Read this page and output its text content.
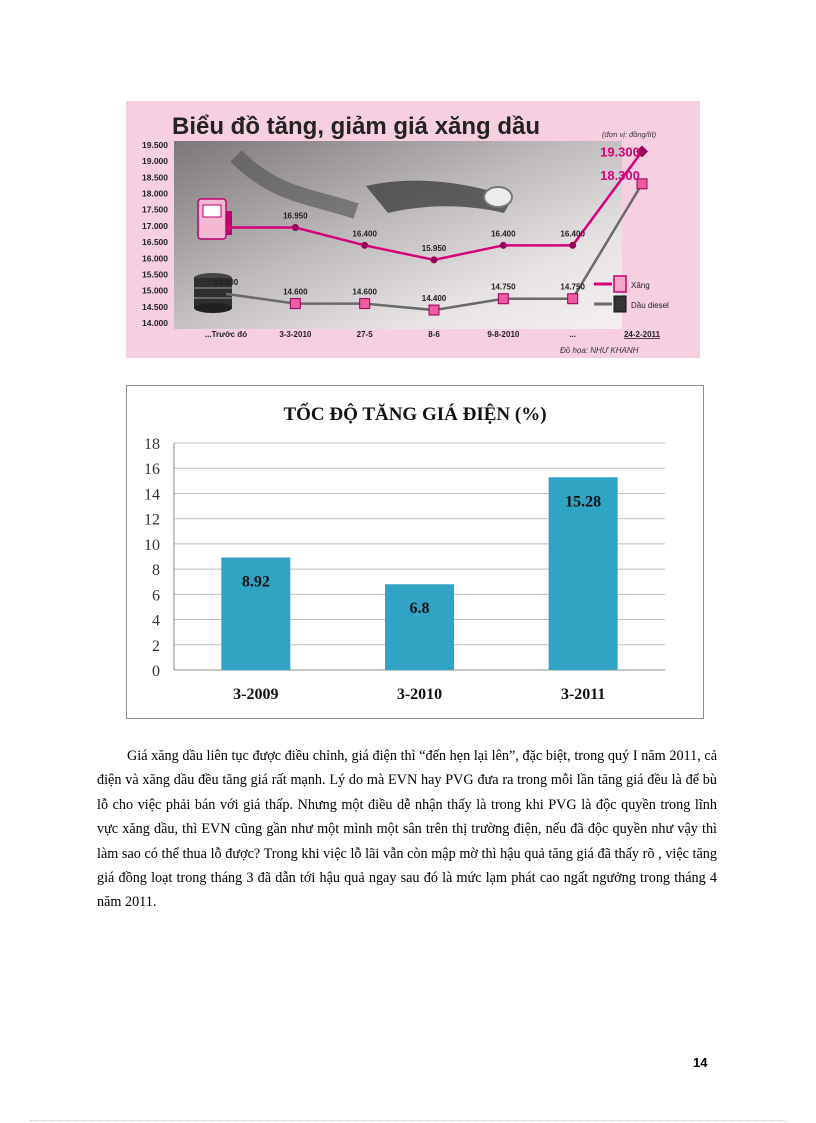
Biểu đồ tăng, giảm giá xăng dầu	(đơn vị: đồng/lít)
19.500
19.000
18.500
18.000
17.500
17.000
16.500
16.000
15.500
15.000
14.500
14.000
...Trước đó	3-3-2010	27-5	8-6	9-8-2010	...	24-2-2011
16.950
16.400
15.950
16.400	16.400
19.300
14.900
14.600	14.600
14.400
14.750	14.750
18.300
Xăng
Dầu diesel
Đồ họa: NHƯ KHANH
TỐC ĐỘ TĂNG GIÁ ĐIỆN (%)
0
2
4
6
8
10
12
14
16
18
8.92
6.8
15.28
3-2009	3-2010	3-2011

Giá xăng dầu liên tục được điều chỉnh, giá điện thì “đến hẹn lại lên”, đặc biệt, trong quý I năm 2011, cả điện và xăng dầu đều tăng giá rất mạnh. Lý do mà EVN hay PVG đưa ra trong mỗi lần tăng giá đều là để bù lỗ cho việc phải bán với giá thấp. Nhưng một điều dễ nhận thấy là trong khi PVG là độc quyền trong lĩnh vực xăng dầu, thì EVN cũng gần như một mình một sân trên thị trường điện, nếu đã độc quyền như vậy thì làm sao có thể thua lỗ được? Trong khi việc lỗ lãi vẫn còn mập mờ thì hậu quả tăng giá đã thấy rõ , việc tăng giá đồng loạt trong tháng 3 đã dẫn tới hậu quả ngay sau đó là mức lạm phát cao ngất ngưởng trong tháng 4 năm 2011.

14
